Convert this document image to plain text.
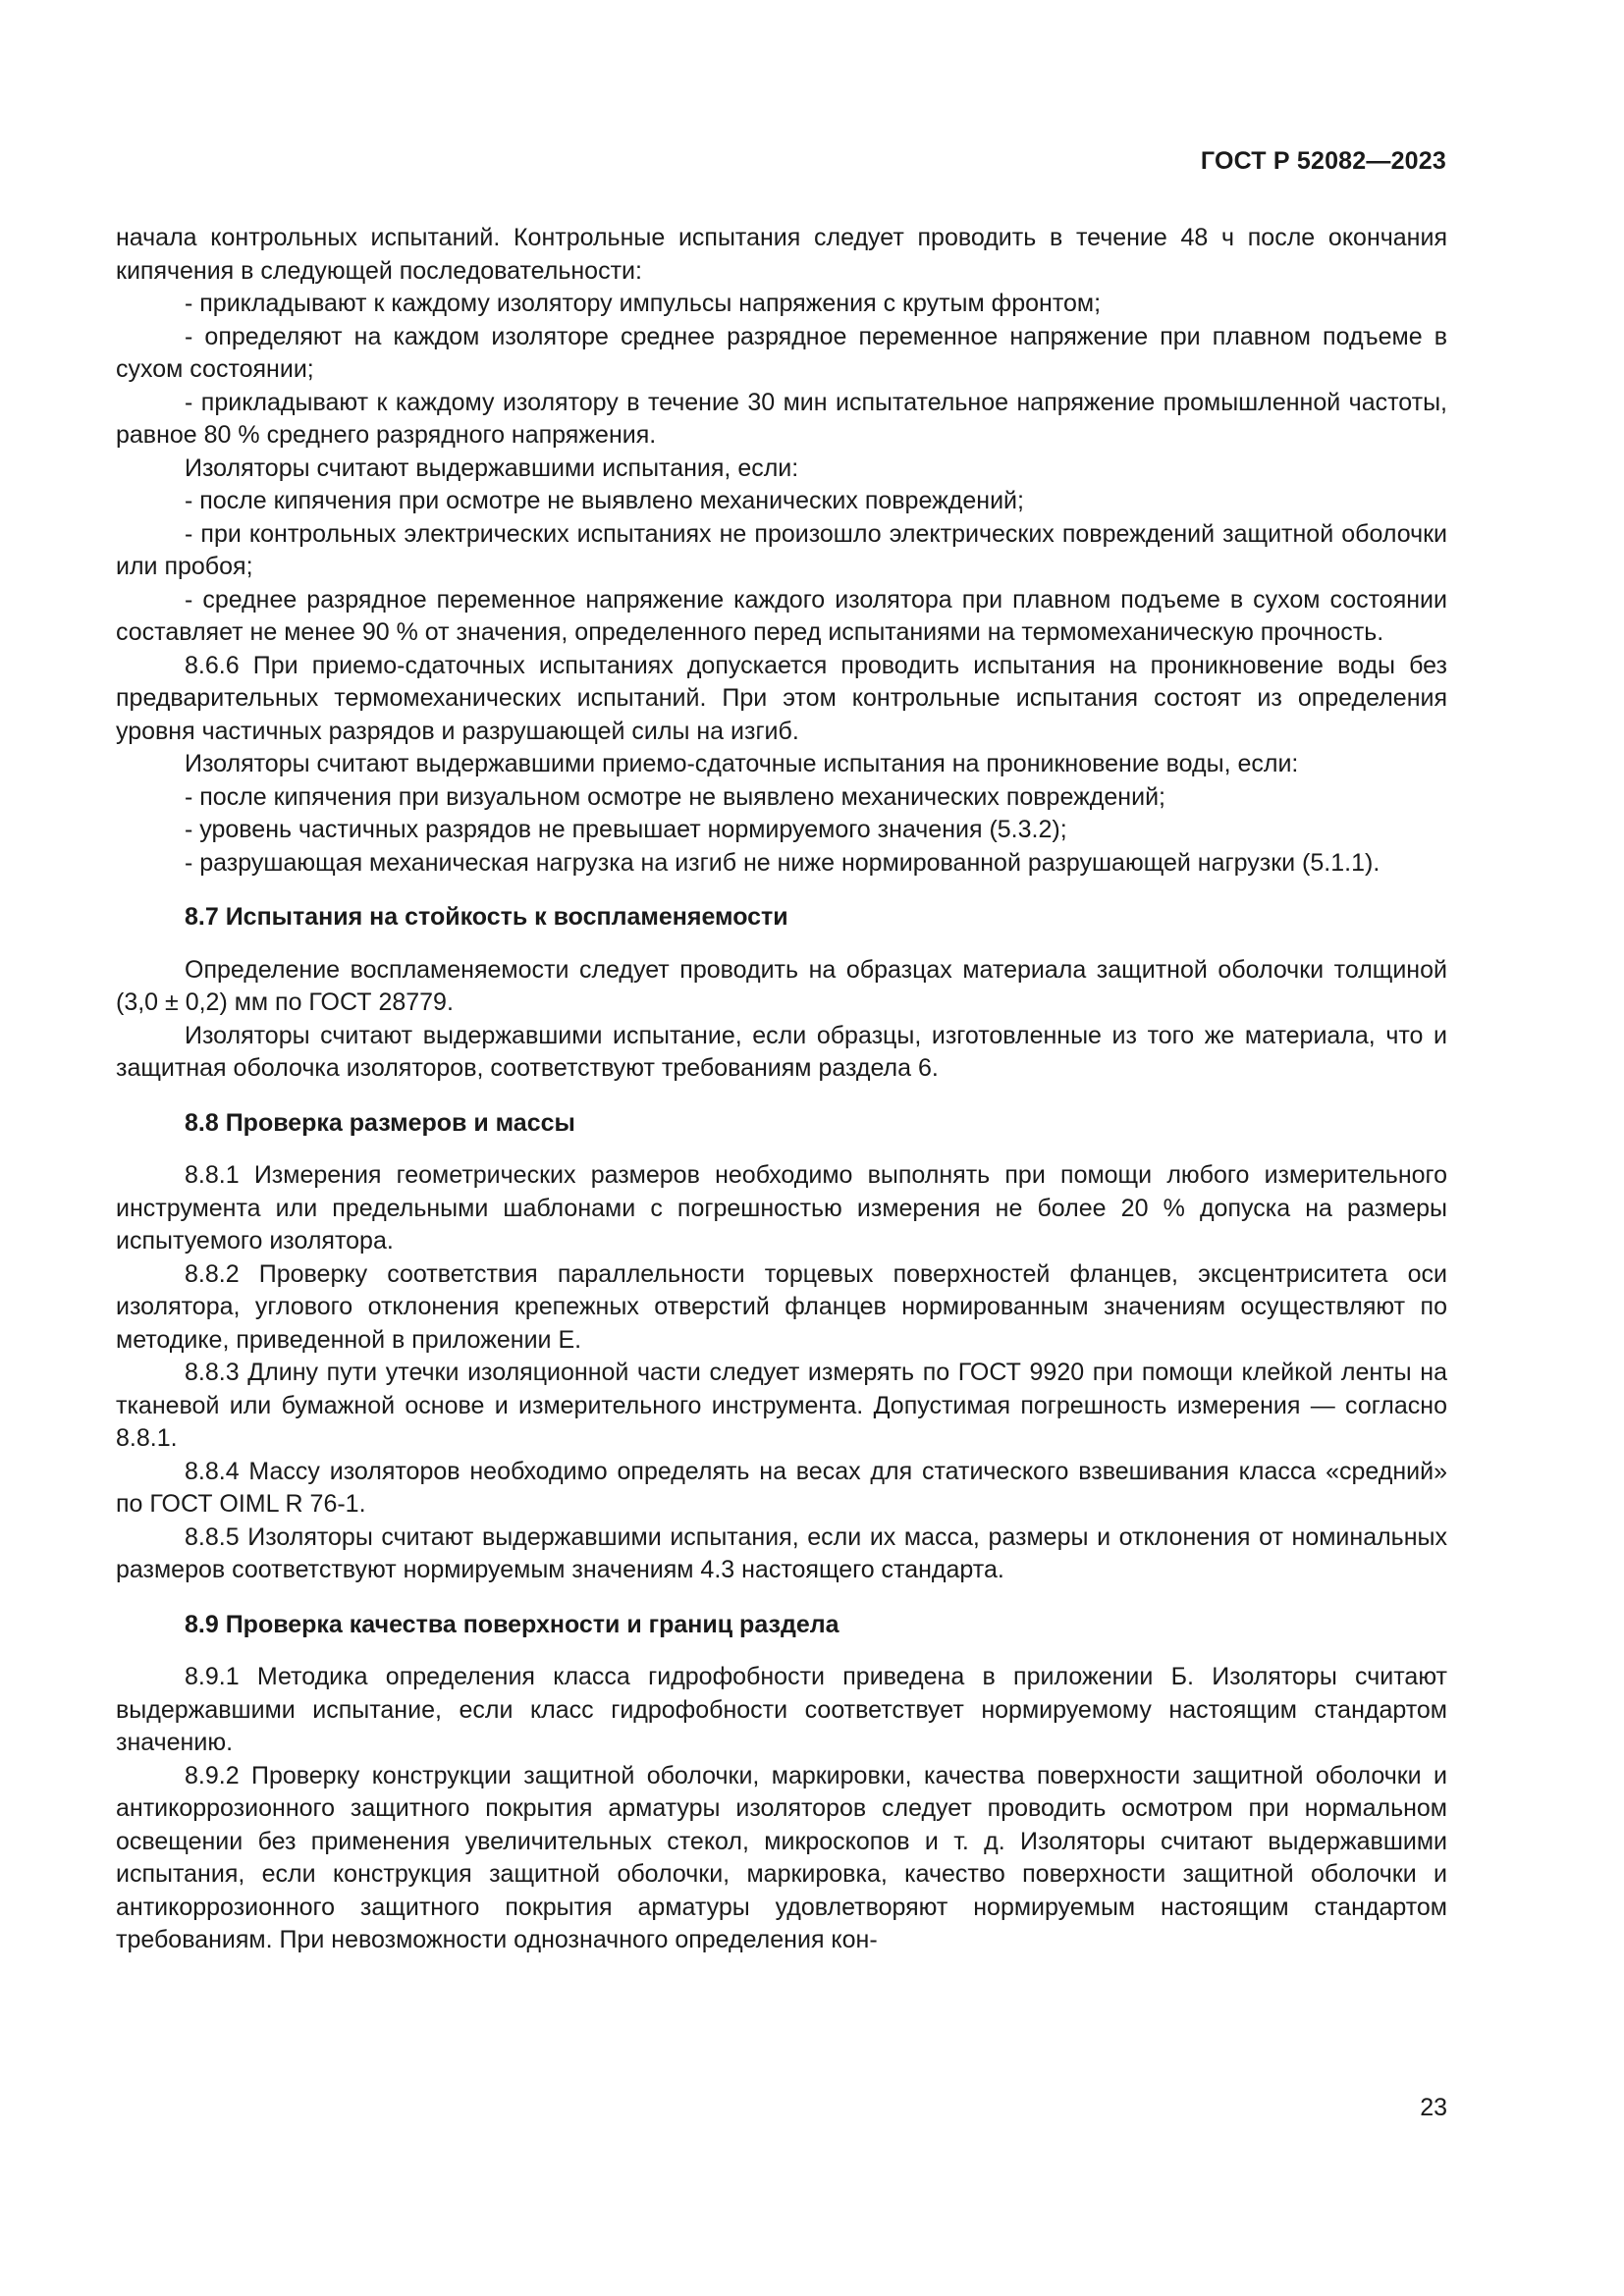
ГОСТ Р 52082—2023

начала контрольных испытаний. Контрольные испытания следует проводить в течение 48 ч после окончания кипячения в следующей последовательности:

- прикладывают к каждому изолятору импульсы напряжения с крутым фронтом;

- определяют на каждом изоляторе среднее разрядное переменное напряжение при плавном подъеме в сухом состоянии;

- прикладывают к каждому изолятору в течение 30 мин испытательное напряжение промышленной частоты, равное 80 % среднего разрядного напряжения.

Изоляторы считают выдержавшими испытания, если:

- после кипячения при осмотре не выявлено механических повреждений;

- при контрольных электрических испытаниях не произошло электрических повреждений защитной оболочки или пробоя;

- среднее разрядное переменное напряжение каждого изолятора при плавном подъеме в сухом состоянии составляет не менее 90 % от значения, определенного перед испытаниями на термомеханическую прочность.

8.6.6 При приемо-сдаточных испытаниях допускается проводить испытания на проникновение воды без предварительных термомеханических испытаний. При этом контрольные испытания состоят из определения уровня частичных разрядов и разрушающей силы на изгиб.

Изоляторы считают выдержавшими приемо-сдаточные испытания на проникновение воды, если:

- после кипячения при визуальном осмотре не выявлено механических повреждений;

- уровень частичных разрядов не превышает нормируемого значения (5.3.2);

- разрушающая механическая нагрузка на изгиб не ниже нормированной разрушающей нагрузки (5.1.1).

8.7 Испытания на стойкость к воспламеняемости

Определение воспламеняемости следует проводить на образцах материала защитной оболочки толщиной (3,0 ± 0,2) мм по ГОСТ 28779.

Изоляторы считают выдержавшими испытание, если образцы, изготовленные из того же материала, что и защитная оболочка изоляторов, соответствуют требованиям раздела 6.

8.8 Проверка размеров и массы

8.8.1 Измерения геометрических размеров необходимо выполнять при помощи любого измерительного инструмента или предельными шаблонами с погрешностью измерения не более 20 % допуска на размеры испытуемого изолятора.

8.8.2 Проверку соответствия параллельности торцевых поверхностей фланцев, эксцентриситета оси изолятора, углового отклонения крепежных отверстий фланцев нормированным значениям осуществляют по методике, приведенной в приложении Е.

8.8.3 Длину пути утечки изоляционной части следует измерять по ГОСТ 9920 при помощи клейкой ленты на тканевой или бумажной основе и измерительного инструмента. Допустимая погрешность измерения — согласно 8.8.1.

8.8.4 Массу изоляторов необходимо определять на весах для статического взвешивания класса «средний» по ГОСТ OIML R 76-1.

8.8.5 Изоляторы считают выдержавшими испытания, если их масса, размеры и отклонения от номинальных размеров соответствуют нормируемым значениям 4.3 настоящего стандарта.

8.9 Проверка качества поверхности и границ раздела

8.9.1 Методика определения класса гидрофобности приведена в приложении Б. Изоляторы считают выдержавшими испытание, если класс гидрофобности соответствует нормируемому настоящим стандартом значению.

8.9.2 Проверку конструкции защитной оболочки, маркировки, качества поверхности защитной оболочки и антикоррозионного защитного покрытия арматуры изоляторов следует проводить осмотром при нормальном освещении без применения увеличительных стекол, микроскопов и т. д. Изоляторы считают выдержавшими испытания, если конструкция защитной оболочки, маркировка, качество поверхности защитной оболочки и антикоррозионного защитного покрытия арматуры удовлетворяют нормируемым настоящим стандартом требованиям. При невозможности однозначного определения кон-

23
